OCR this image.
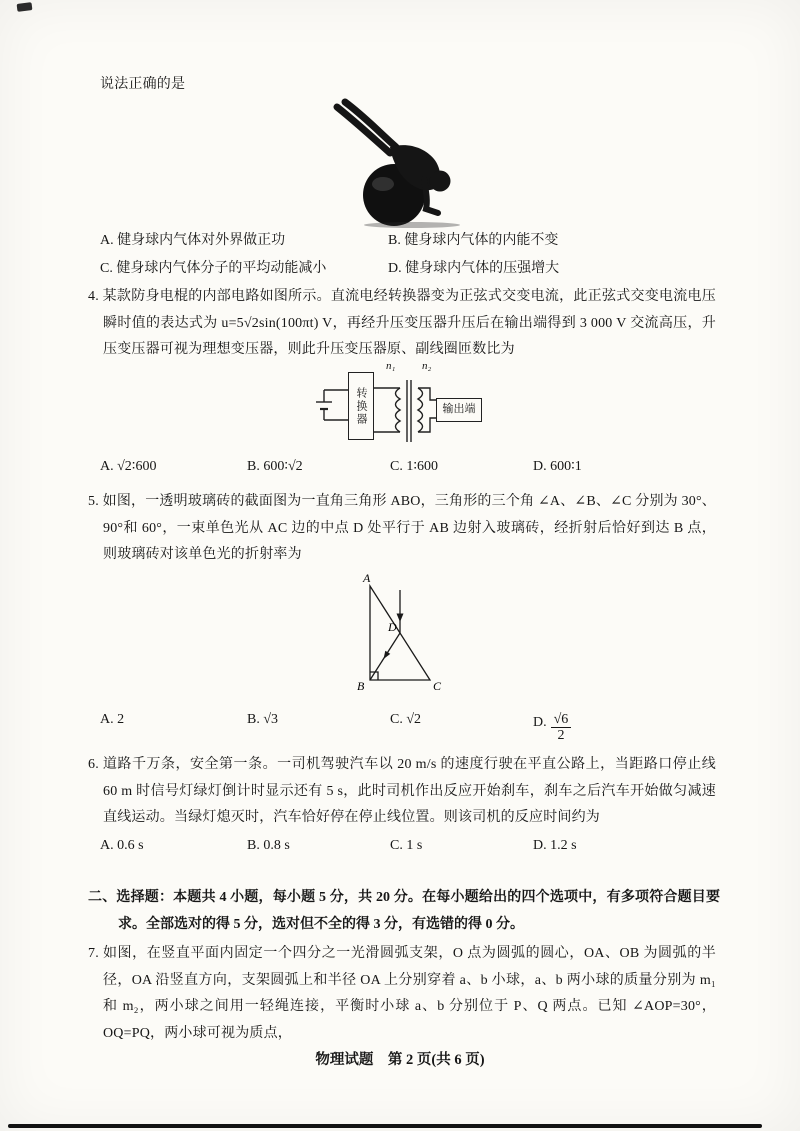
说法正确的是
A. 健身球内气体对外界做正功	B. 健身球内气体的内能不变
C. 健身球内气体分子的平均动能减小	D. 健身球内气体的压强增大
4. 某款防身电棍的内部电路如图所示。直流电经转换器变为正弦式交变电流，此正弦式交变电流电压瞬时值的表达式为 u=5√2sin(100πt) V，再经升压变压器升压后在输出端得到 3 000 V 交流高压，升压变压器可视为理想变压器，则此升压变压器原、副线圈匝数比为
转换器	输出端
n₁ n₂
A. √2∶600	B. 600∶√2	C. 1∶600	D. 600∶1
5. 如图，一透明玻璃砖的截面图为一直角三角形 ABO，三角形的三个角 ∠A、∠B、∠C 分别为 30°、90°和 60°，一束单色光从 AC 边的中点 D 处平行于 AB 边射入玻璃砖，经折射后恰好到达 B 点，则玻璃砖对该单色光的折射率为
A
B	C
D
A. 2	B. √3	C. √2	D. $\frac{√6}{2}$
6. 道路千万条，安全第一条。一司机驾驶汽车以 20 m/s 的速度行驶在平直公路上，当距路口停止线 60 m 时信号灯绿灯倒计时显示还有 5 s，此时司机作出反应开始刹车，刹车之后汽车开始做匀减速直线运动。当绿灯熄灭时，汽车恰好停在停止线位置。则该司机的反应时间约为
A. 0.6 s	B. 0.8 s	C. 1 s	D. 1.2 s
二、选择题：本题共 4 小题，每小题 5 分，共 20 分。在每小题给出的四个选项中，有多项符合题目要求。全部选对的得 5 分，选对但不全的得 3 分，有选错的得 0 分。
7. 如图，在竖直平面内固定一个四分之一光滑圆弧支架，O 点为圆弧的圆心，OA、OB 为圆弧的半径，OA 沿竖直方向，支架圆弧上和半径 OA 上分别穿着 a、b 小球，a、b 两小球的质量分别为 m₁ 和 m₂，两小球之间用一轻绳连接，平衡时小球 a、b 分别位于 P、Q 两点。已知 ∠AOP=30°，OQ=PQ，两小球可视为质点，
物理试题　第 2 页(共 6 页)
